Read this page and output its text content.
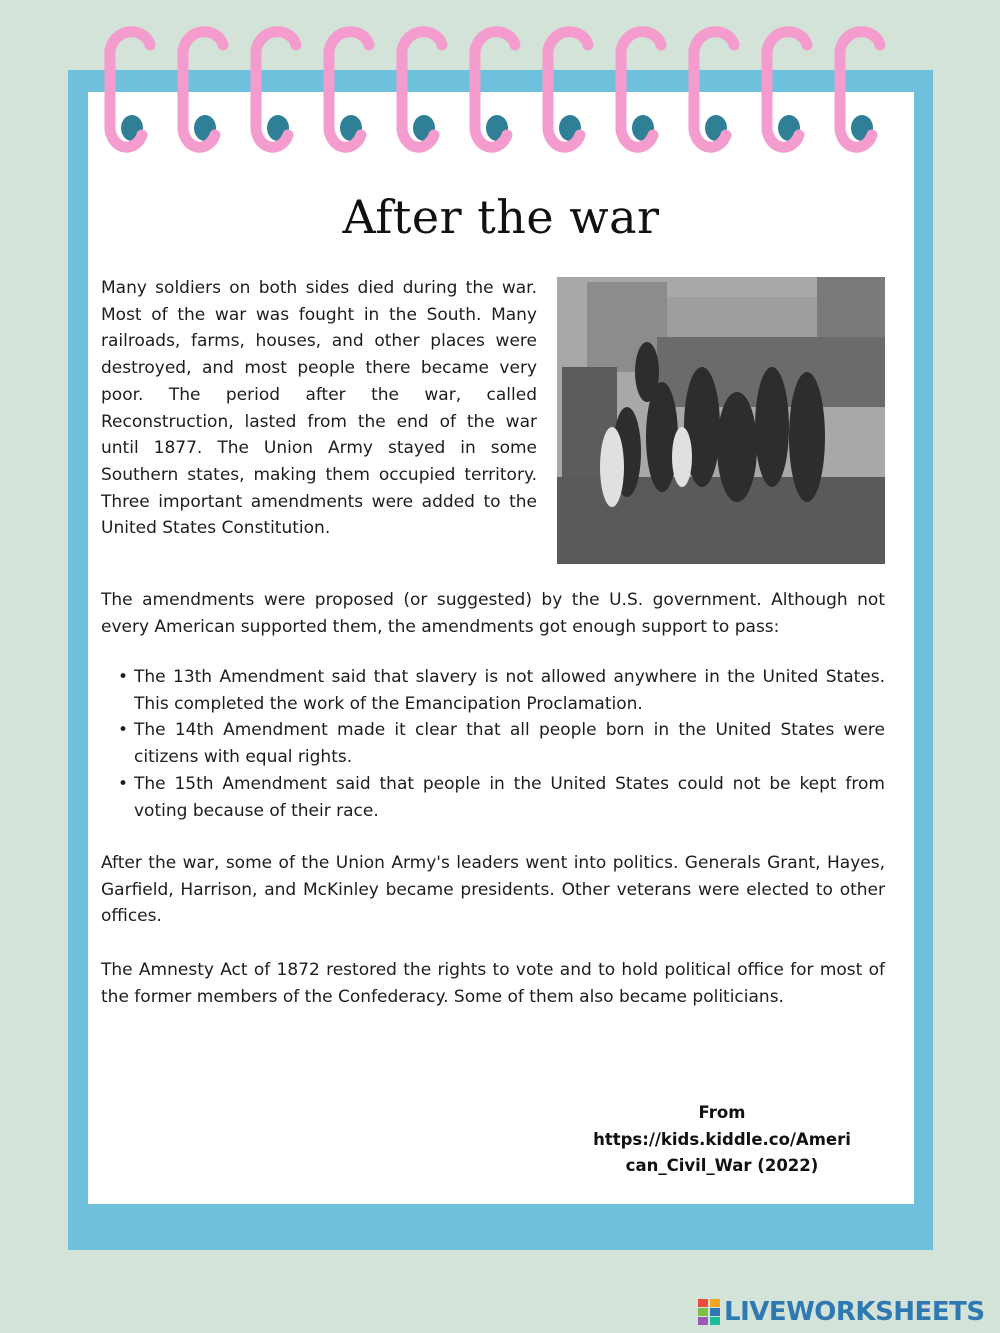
After the war

Many soldiers on both sides died during the war. Most of the war was fought in the South. Many railroads, farms, houses, and other places were destroyed, and most people there became very poor. The period after the war, called Reconstruction, lasted from the end of the war until 1877. The Union Army stayed in some Southern states, making them occupied territory. Three important amendments were added to the United States Constitution.

The amendments were proposed (or suggested) by the U.S. government. Although not every American supported them, the amendments got enough support to pass:

• The 13th Amendment said that slavery is not allowed anywhere in the United States. This completed the work of the Emancipation Proclamation.
• The 14th Amendment made it clear that all people born in the United States were citizens with equal rights.
• The 15th Amendment said that people in the United States could not be kept from voting because of their race.

After the war, some of the Union Army's leaders went into politics. Generals Grant, Hayes, Garfield, Harrison, and McKinley became presidents. Other veterans were elected to other offices.

The Amnesty Act of 1872 restored the rights to vote and to hold political office for most of the former members of the Confederacy. Some of them also became politicians.

From
https://kids.kiddle.co/Ameri
can_Civil_War (2022)
LIVEWORKSHEETS
